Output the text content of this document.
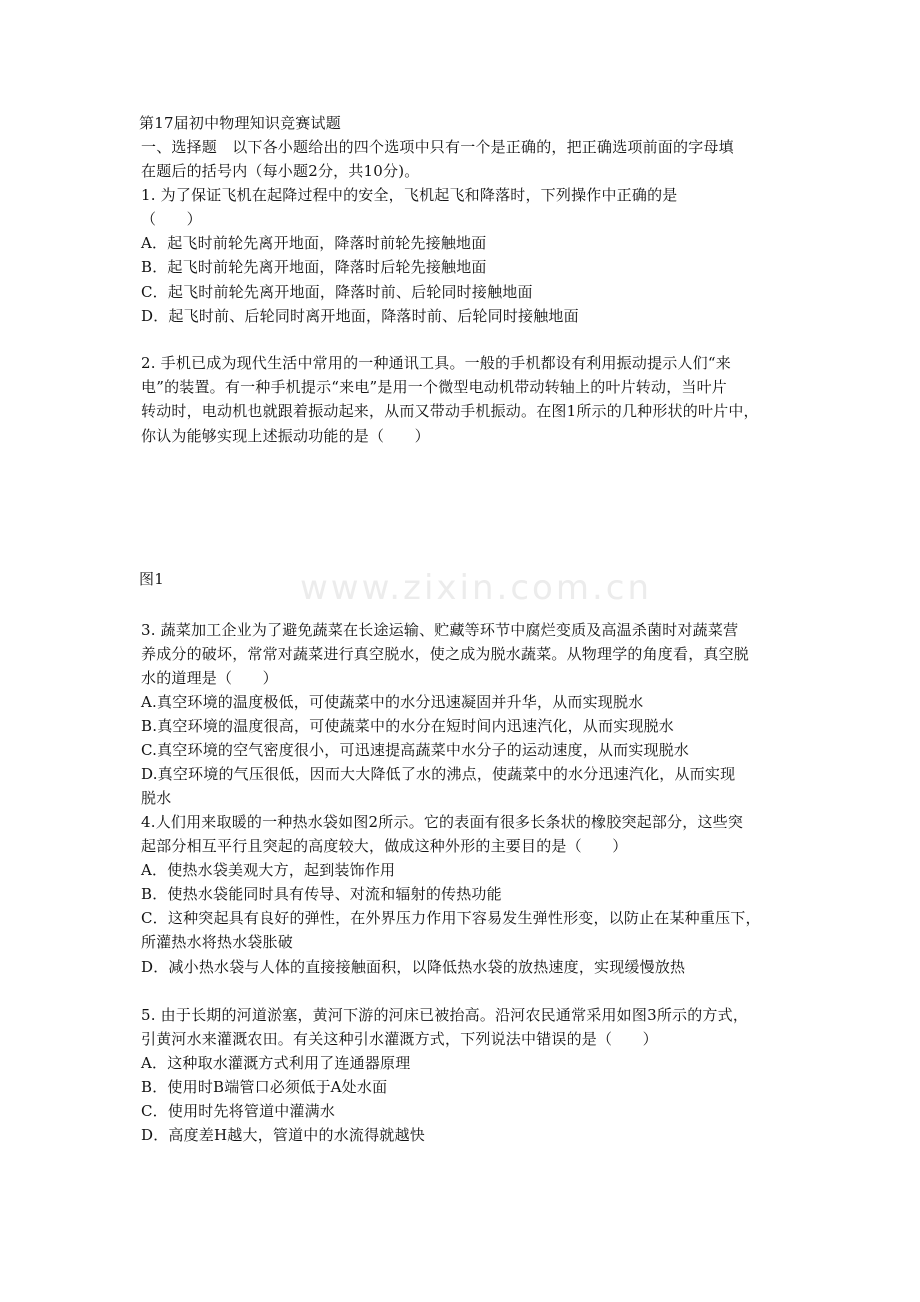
www.zixin.com.cn
第17届初中物理知识竞赛试题
一、选择题　以下各小题给出的四个选项中只有一个是正确的，把正确选项前面的字母填
在题后的括号内（每小题2分，共10分)。
1. 为了保证飞机在起降过程中的安全，飞机起飞和降落时，下列操作中正确的是
（　　）
A．起飞时前轮先离开地面，降落时前轮先接触地面
B．起飞时前轮先离开地面，降落时后轮先接触地面
C．起飞时前轮先离开地面，降落时前、后轮同时接触地面
D．起飞时前、后轮同时离开地面，降落时前、后轮同时接触地面
2. 手机已成为现代生活中常用的一种通讯工具。一般的手机都设有利用振动提示人们“来
电”的装置。有一种手机提示“来电”是用一个微型电动机带动转轴上的叶片转动，当叶片
转动时，电动机也就跟着振动起来，从而又带动手机振动。在图1所示的几种形状的叶片中，
你认为能够实现上述振动功能的是（　　）
图1
3. 蔬菜加工企业为了避免蔬菜在长途运输、贮藏等环节中腐烂变质及高温杀菌时对蔬菜营
养成分的破坏，常常对蔬菜进行真空脱水，使之成为脱水蔬菜。从物理学的角度看，真空脱
水的道理是（　　）
A.真空环境的温度极低，可使蔬菜中的水分迅速凝固并升华，从而实现脱水
B.真空环境的温度很高，可使蔬菜中的水分在短时间内迅速汽化，从而实现脱水
C.真空环境的空气密度很小，可迅速提高蔬菜中水分子的运动速度，从而实现脱水
D.真空环境的气压很低，因而大大降低了水的沸点，使蔬菜中的水分迅速汽化，从而实现
脱水
4.人们用来取暖的一种热水袋如图2所示。它的表面有很多长条状的橡胶突起部分，这些突
起部分相互平行且突起的高度较大，做成这种外形的主要目的是（　　）
A．使热水袋美观大方，起到装饰作用
B．使热水袋能同时具有传导、对流和辐射的传热功能
C．这种突起具有良好的弹性，在外界压力作用下容易发生弹性形变，以防止在某种重压下，
所灌热水将热水袋胀破
D．减小热水袋与人体的直接接触面积，以降低热水袋的放热速度，实现缓慢放热
5. 由于长期的河道淤塞，黄河下游的河床已被抬高。沿河农民通常采用如图3所示的方式，
引黄河水来灌溉农田。有关这种引水灌溉方式，下列说法中错误的是（　　）
A．这种取水灌溉方式利用了连通器原理
B．使用时B端管口必须低于A处水面
C．使用时先将管道中灌满水
D．高度差H越大，管道中的水流得就越快
